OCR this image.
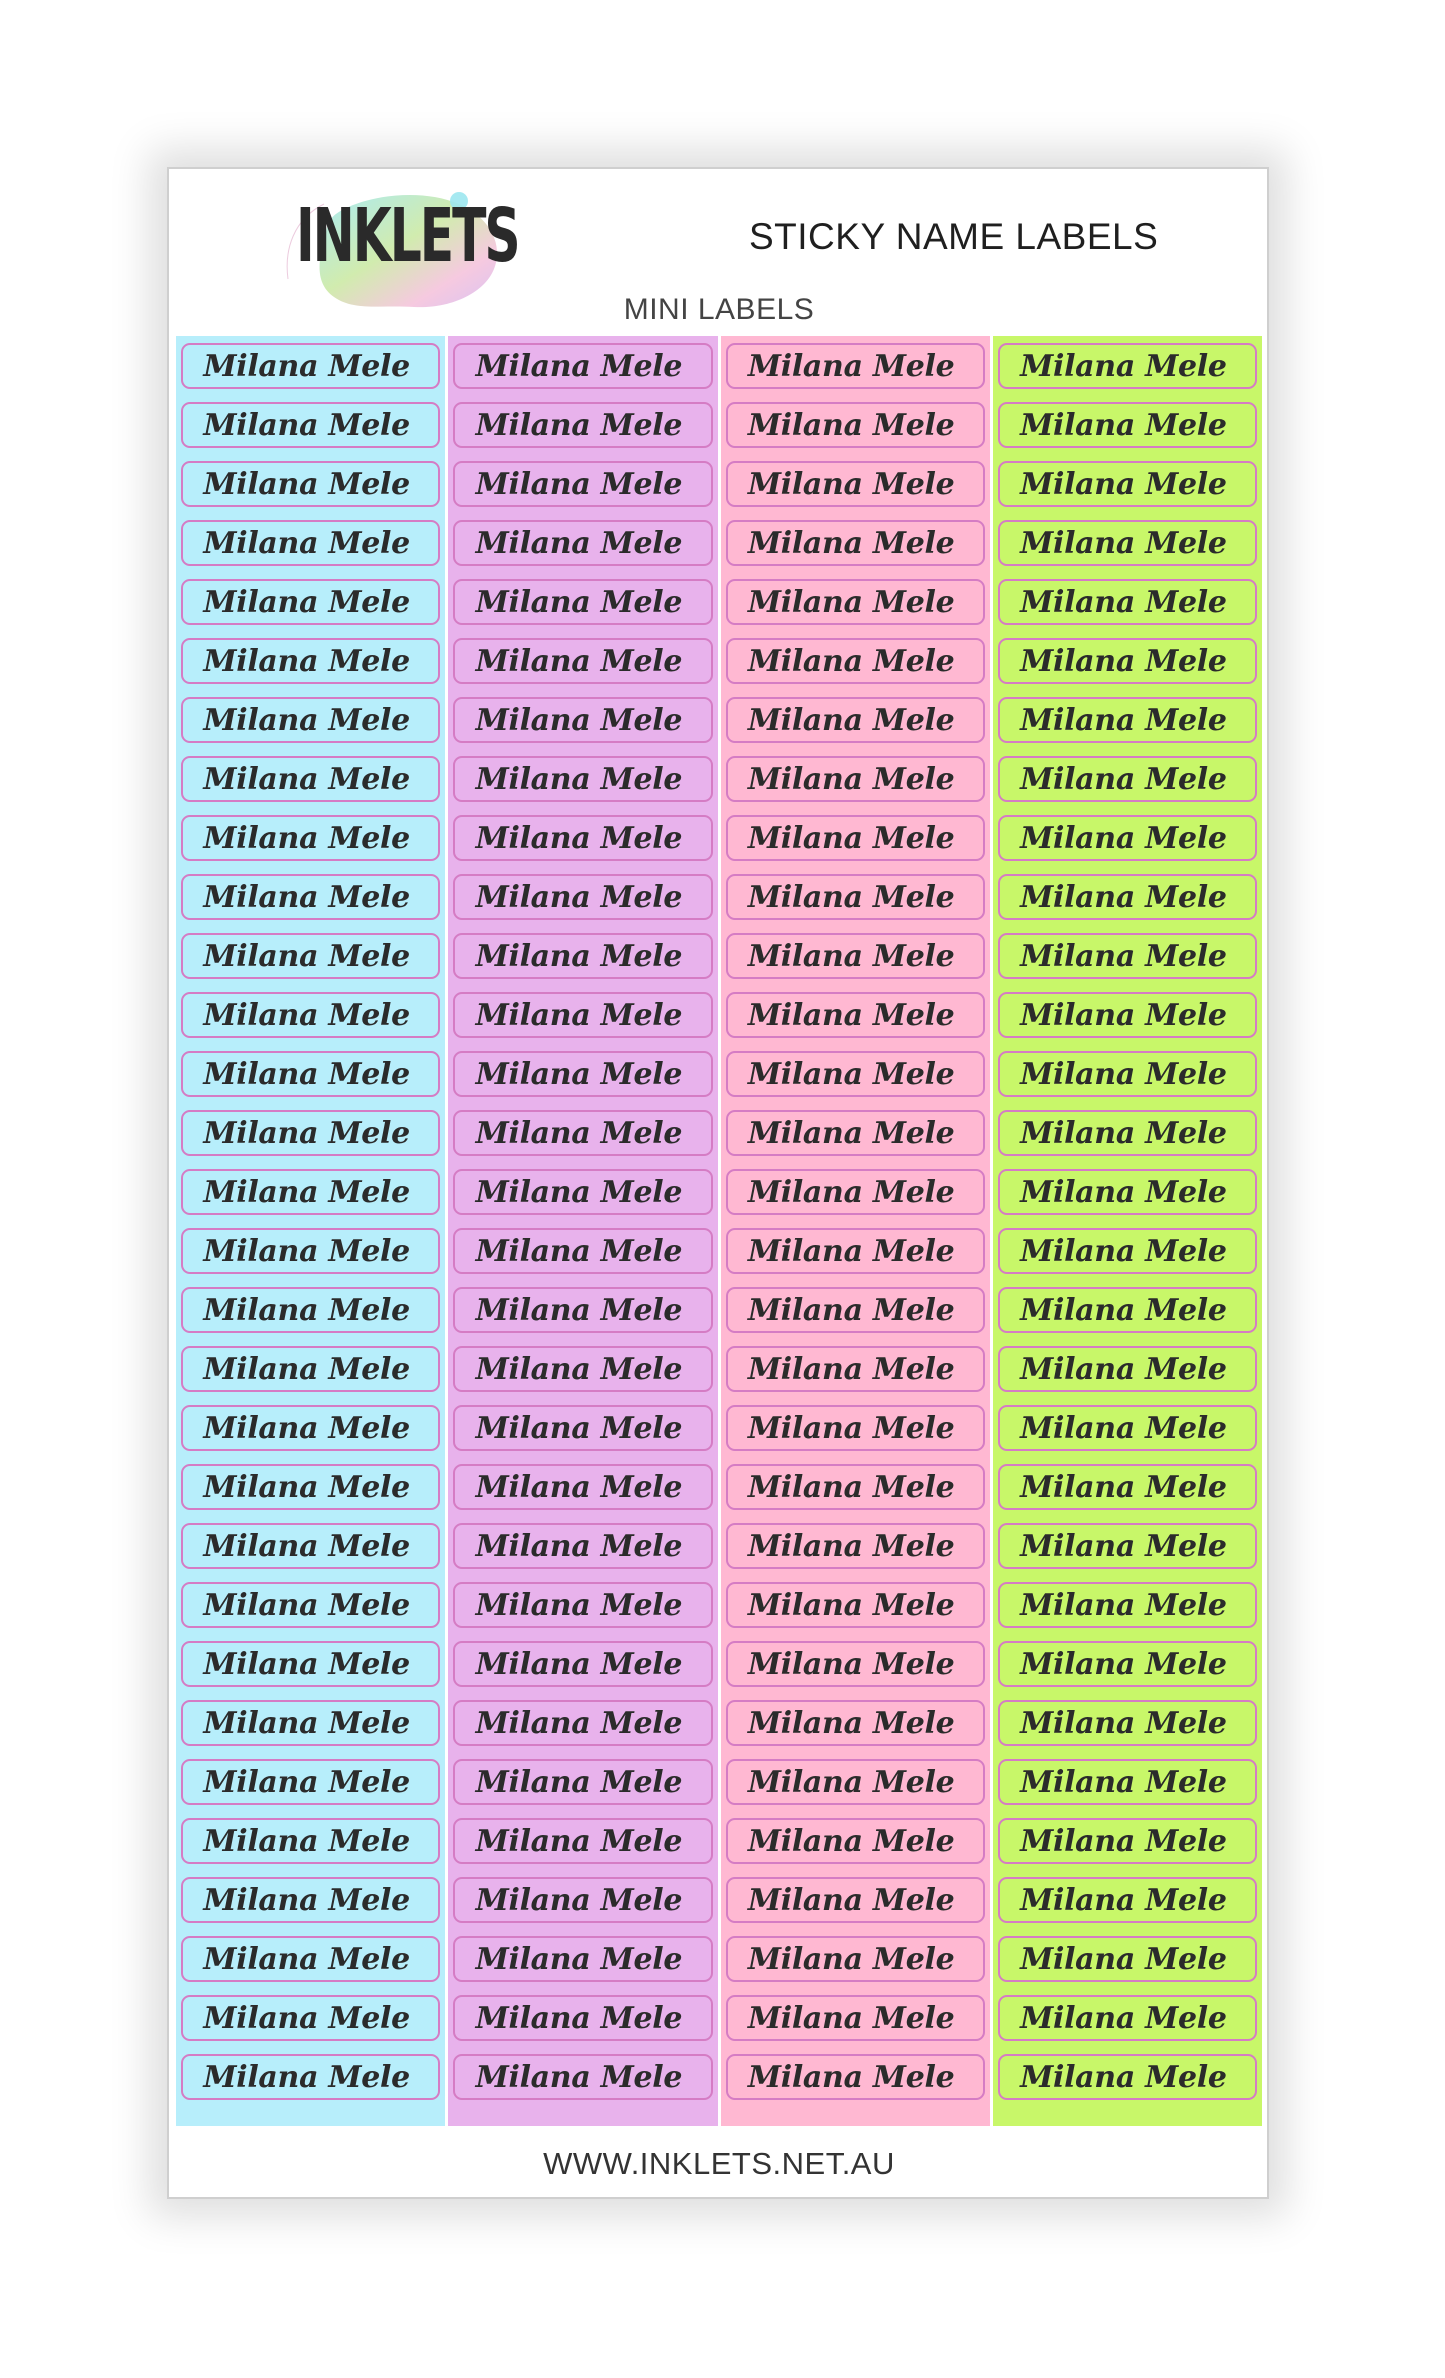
INKLETS	STICKY NAME LABELS
MINI LABELS
Milana Mele
Milana Mele
Milana Mele
Milana Mele
Milana Mele
Milana Mele
Milana Mele
Milana Mele
Milana Mele
Milana Mele
Milana Mele
Milana Mele
Milana Mele
Milana Mele
Milana Mele
Milana Mele
Milana Mele
Milana Mele
Milana Mele
Milana Mele
Milana Mele
Milana Mele
Milana Mele
Milana Mele
Milana Mele
Milana Mele
Milana Mele
Milana Mele
Milana Mele
Milana Mele
Milana Mele
Milana Mele
Milana Mele
Milana Mele
Milana Mele
Milana Mele
Milana Mele
Milana Mele
Milana Mele
Milana Mele
Milana Mele
Milana Mele
Milana Mele
Milana Mele
Milana Mele
Milana Mele
Milana Mele
Milana Mele
Milana Mele
Milana Mele
Milana Mele
Milana Mele
Milana Mele
Milana Mele
Milana Mele
Milana Mele
Milana Mele
Milana Mele
Milana Mele
Milana Mele
Milana Mele
Milana Mele
Milana Mele
Milana Mele
Milana Mele
Milana Mele
Milana Mele
Milana Mele
Milana Mele
Milana Mele
Milana Mele
Milana Mele
Milana Mele
Milana Mele
Milana Mele
Milana Mele
Milana Mele
Milana Mele
Milana Mele
Milana Mele
Milana Mele
Milana Mele
Milana Mele
Milana Mele
Milana Mele
Milana Mele
Milana Mele
Milana Mele
Milana Mele
Milana Mele
Milana Mele
Milana Mele
Milana Mele
Milana Mele
Milana Mele
Milana Mele
Milana Mele
Milana Mele
Milana Mele
Milana Mele
Milana Mele
Milana Mele
Milana Mele
Milana Mele
Milana Mele
Milana Mele
Milana Mele
Milana Mele
Milana Mele
Milana Mele
Milana Mele
Milana Mele
Milana Mele
Milana Mele
Milana Mele
Milana Mele
Milana Mele
Milana Mele
Milana Mele
Milana Mele
WWW.INKLETS.NET.AU
